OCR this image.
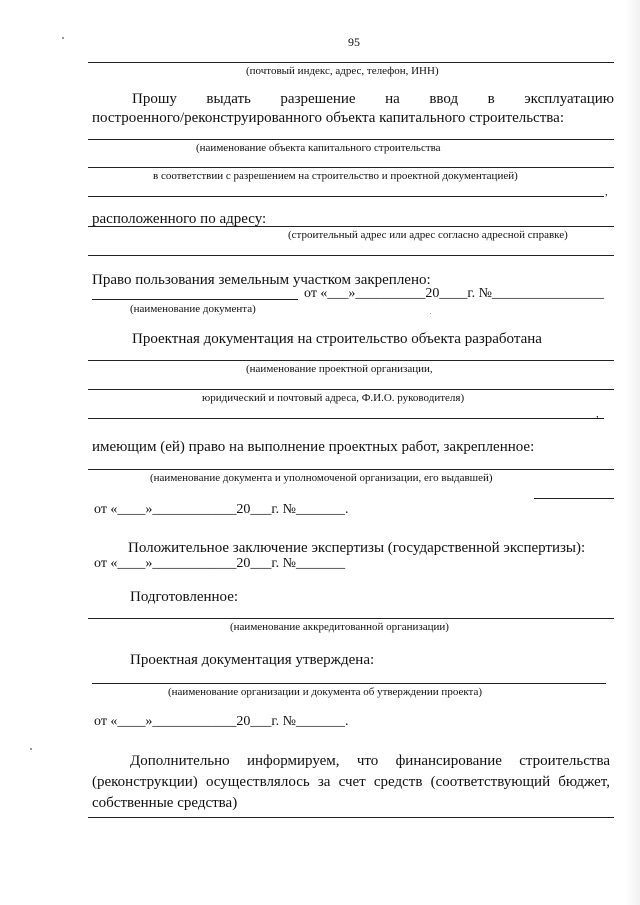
95
(почтовый индекс, адрес, телефон, ИНН)
Прошу выдать разрешение на ввод в эксплуатацию
построенного/реконструированного объекта капитального строительства:
(наименование объекта капитального строительства
в соответствии с разрешением на строительство и проектной документацией)
,
расположенного по адресу:
(строительный адрес или адрес согласно адресной справке)
Право пользования земельным участком закреплено:
от «___»__________20____г. №________________
(наименование документа)
Проектная документация на строительство объекта разработана
(наименование проектной организации,
юридический и почтовый адреса, Ф.И.О. руководителя)
,
имеющим (ей) право на выполнение проектных работ, закрепленное:
(наименование документа и уполномоченой организации, его выдавшей)
от «____»____________20___г. №_______.
Положительное заключение экспертизы (государственной экспертизы):
от «____»____________20___г. №_______
Подготовленное:
(наименование аккредитованной организации)
Проектная документация утверждена:
(наименование организации и документа об утверждении проекта)
от «____»____________20___г. №_______.
Дополнительно информируем, что финансирование строительства (реконструкции) осуществлялось за счет средств (соответствующий бюджет, собственные средства)
